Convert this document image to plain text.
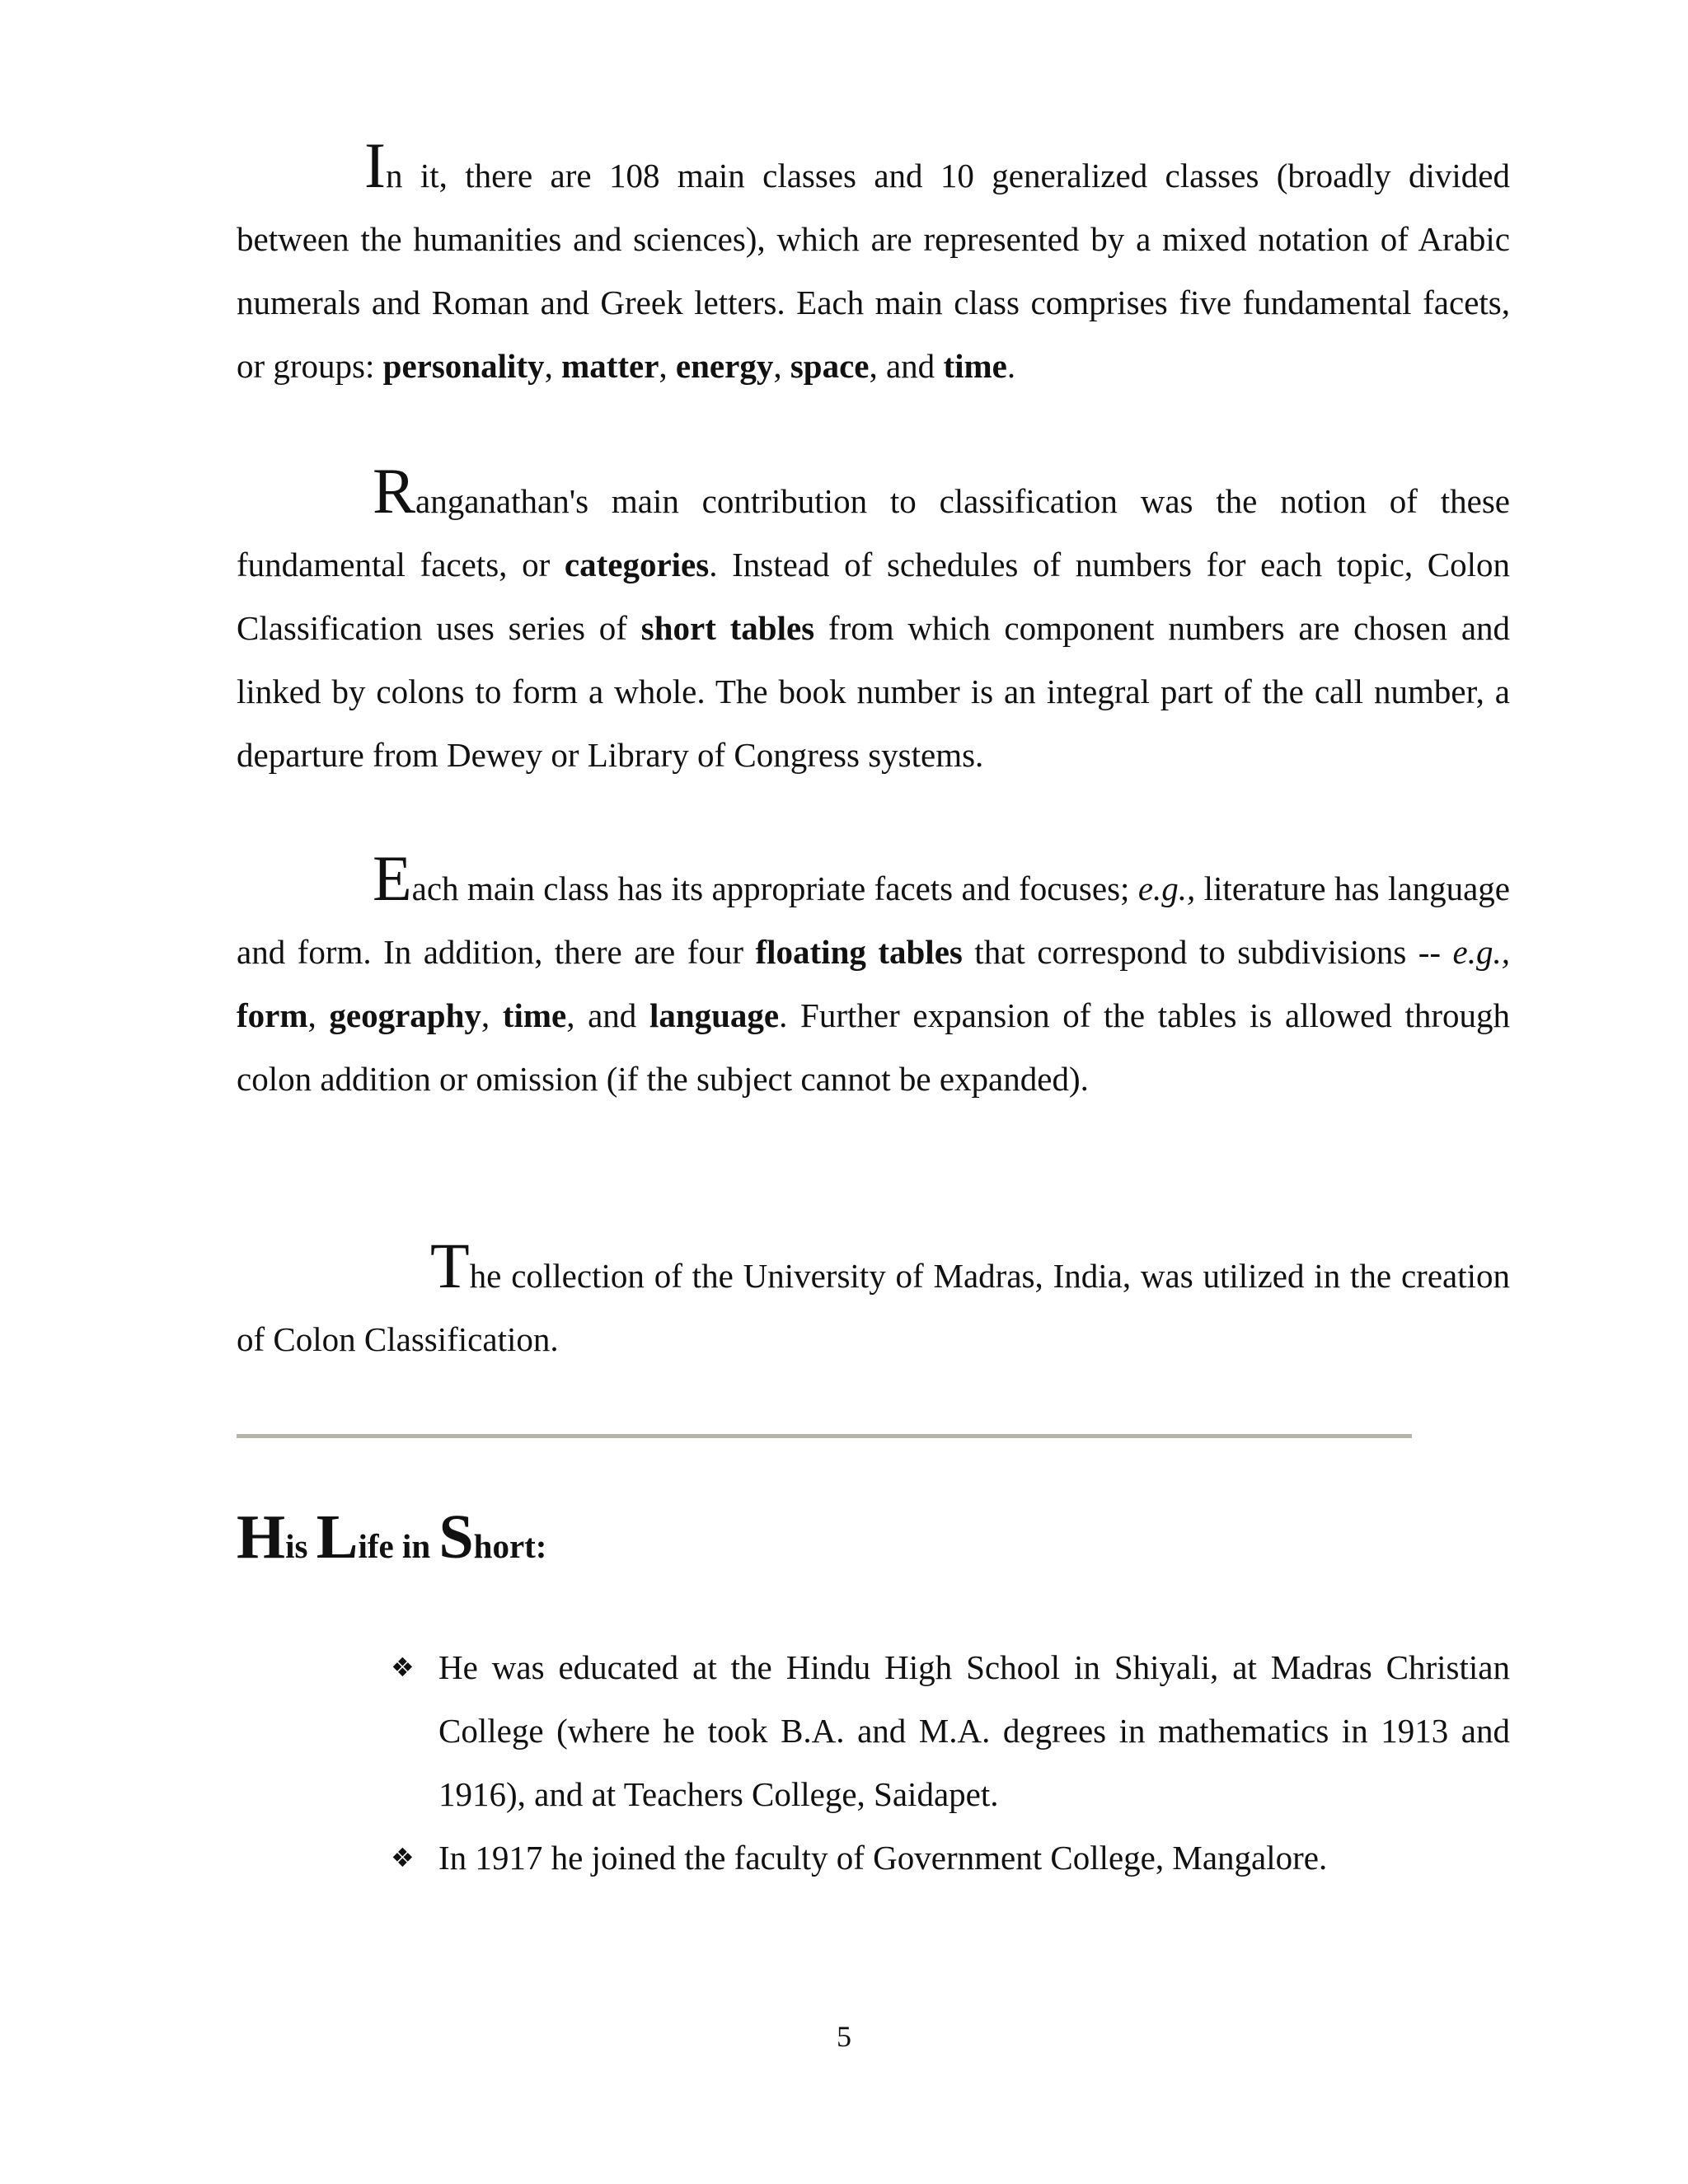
In it, there are 108 main classes and 10 generalized classes (broadly divided between the humanities and sciences), which are represented by a mixed notation of Arabic numerals and Roman and Greek letters. Each main class comprises five fundamental facets, or groups: personality, matter, energy, space, and time.

Ranganathan's main contribution to classification was the notion of these fundamental facets, or categories. Instead of schedules of numbers for each topic, Colon Classification uses series of short tables from which component numbers are chosen and linked by colons to form a whole. The book number is an integral part of the call number, a departure from Dewey or Library of Congress systems.

Each main class has its appropriate facets and focuses; e.g., literature has language and form. In addition, there are four floating tables that correspond to subdivisions -- e.g., form, geography, time, and language. Further expansion of the tables is allowed through colon addition or omission (if the subject cannot be expanded).

The collection of the University of Madras, India, was utilized in the creation of Colon Classification.

His Life in Short:
❖ He was educated at the Hindu High School in Shiyali, at Madras Christian College (where he took B.A. and M.A. degrees in mathematics in 1913 and 1916), and at Teachers College, Saidapet.
❖ In 1917 he joined the faculty of Government College, Mangalore.
5
